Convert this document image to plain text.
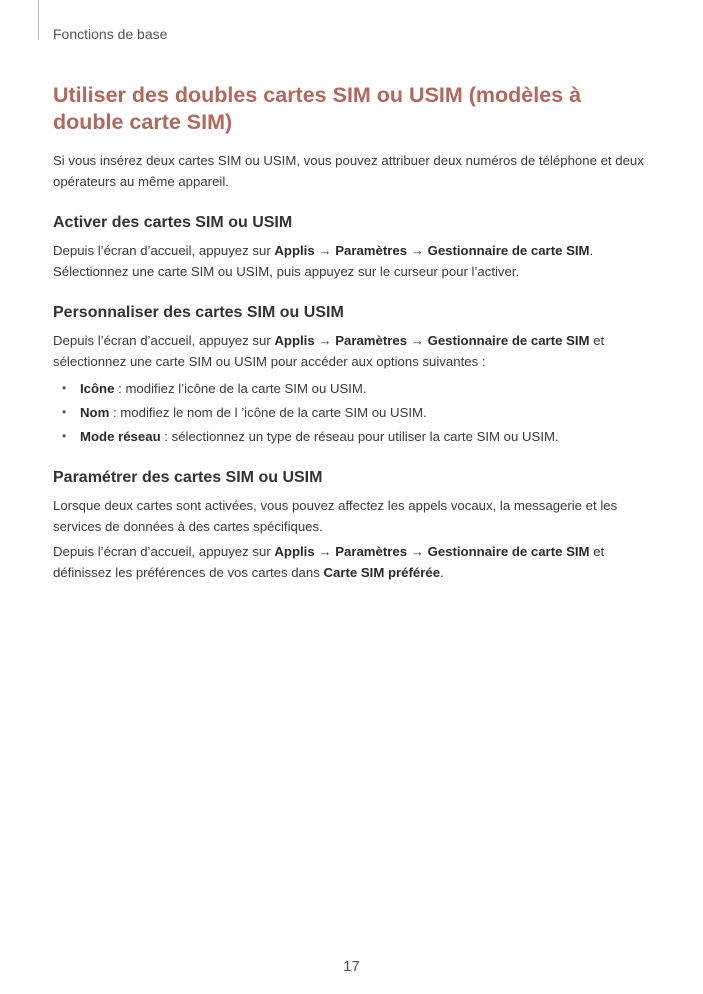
Fonctions de base
Utiliser des doubles cartes SIM ou USIM (modèles à double carte SIM)

Si vous insérez deux cartes SIM ou USIM, vous pouvez attribuer deux numéros de téléphone et deux opérateurs au même appareil.

Activer des cartes SIM ou USIM

Depuis l’écran d’accueil, appuyez sur Applis → Paramètres → Gestionnaire de carte SIM.
Sélectionnez une carte SIM ou USIM, puis appuyez sur le curseur pour l’activer.

Personnaliser des cartes SIM ou USIM

Depuis l’écran d’accueil, appuyez sur Applis → Paramètres → Gestionnaire de carte SIM et sélectionnez une carte SIM ou USIM pour accéder aux options suivantes :

• Icône : modifiez l’icône de la carte SIM ou USIM.
• Nom : modifiez le nom de l ’icône de la carte SIM ou USIM.
• Mode réseau : sélectionnez un type de réseau pour utiliser la carte SIM ou USIM.
Paramétrer des cartes SIM ou USIM

Lorsque deux cartes sont activées, vous pouvez affectez les appels vocaux, la messagerie et les services de données à des cartes spécifiques.

Depuis l’écran d’accueil, appuyez sur Applis → Paramètres → Gestionnaire de carte SIM et définissez les préférences de vos cartes dans Carte SIM préférée.

17
